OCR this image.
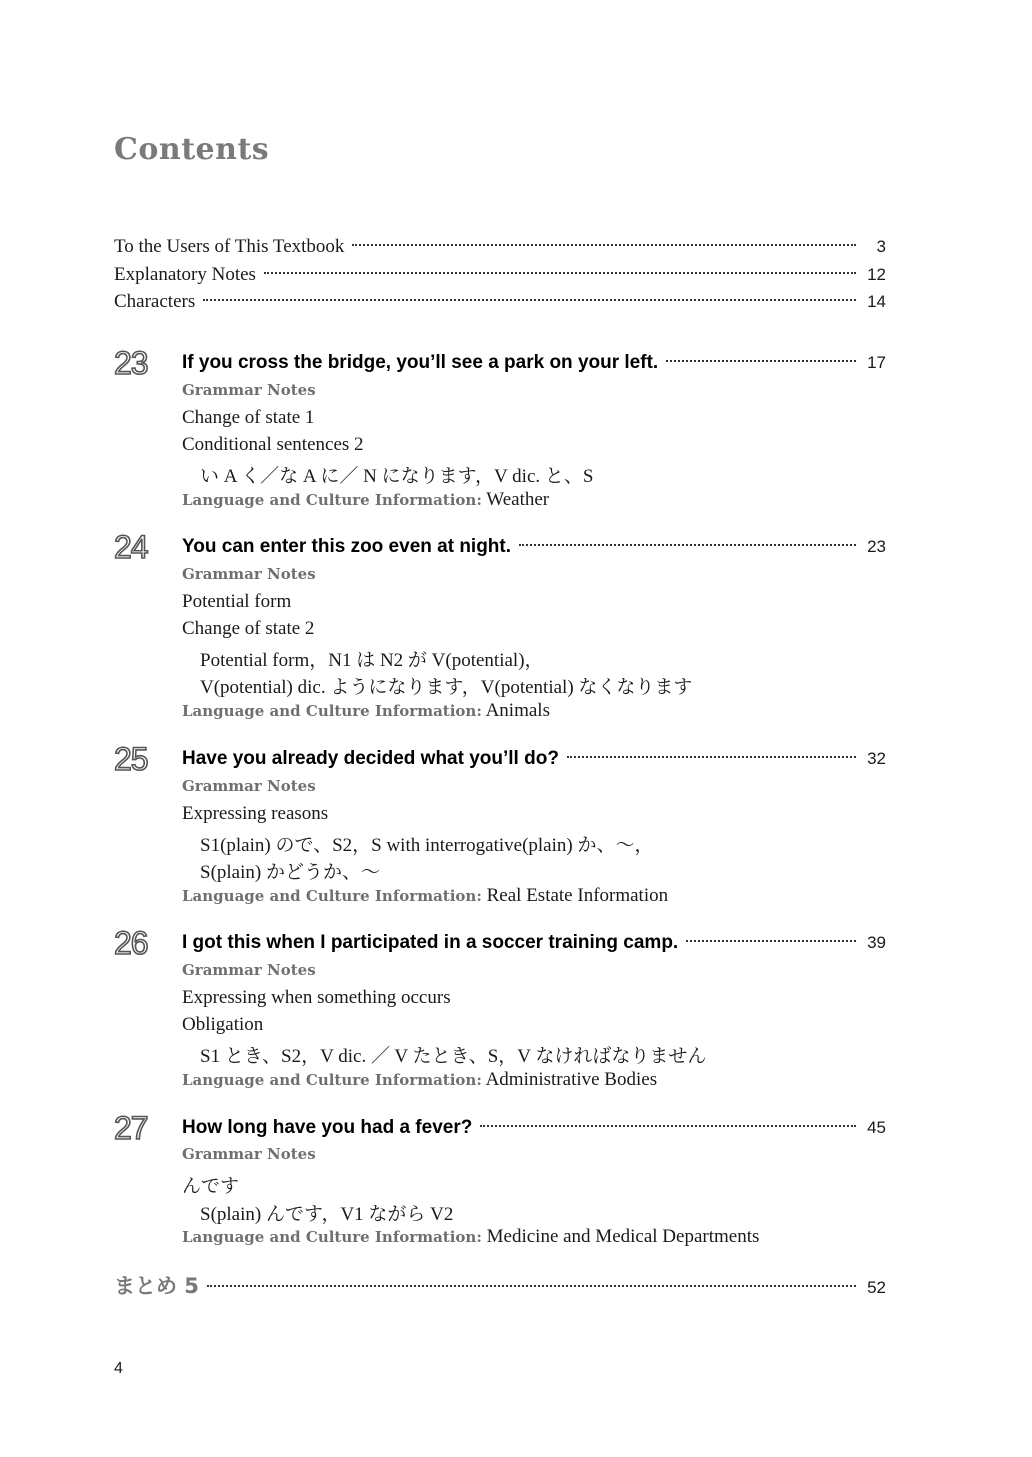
Contents
To the Users of This Textbook	3
Explanatory Notes	12
Characters	14
23 If you cross the bridge, you’ll see a park on your left.	17
Grammar Notes
Change of state 1
Conditional sentences 2
い A く／な A に／ N になります，V dic. と、S
Language and Culture Information: Weather
24 You can enter this zoo even at night.	23
Grammar Notes
Potential form
Change of state 2
Potential form，N1 は N2 が V(potential)，
V(potential) dic. ようになります，V(potential) なくなります
Language and Culture Information: Animals
25 Have you already decided what you’ll do?	32
Grammar Notes
Expressing reasons
S1(plain) ので、S2，S with interrogative(plain) か、～，
S(plain) かどうか、～
Language and Culture Information: Real Estate Information
26 I got this when I participated in a soccer training camp.	39
Grammar Notes
Expressing when something occurs
Obligation
S1 とき、S2，V dic. ／ V たとき、S，V なければなりません
Language and Culture Information: Administrative Bodies
27 How long have you had a fever?	45
Grammar Notes
んです
S(plain) んです，V1 ながら V2
Language and Culture Information: Medicine and Medical Departments
まとめ 5	52
4
